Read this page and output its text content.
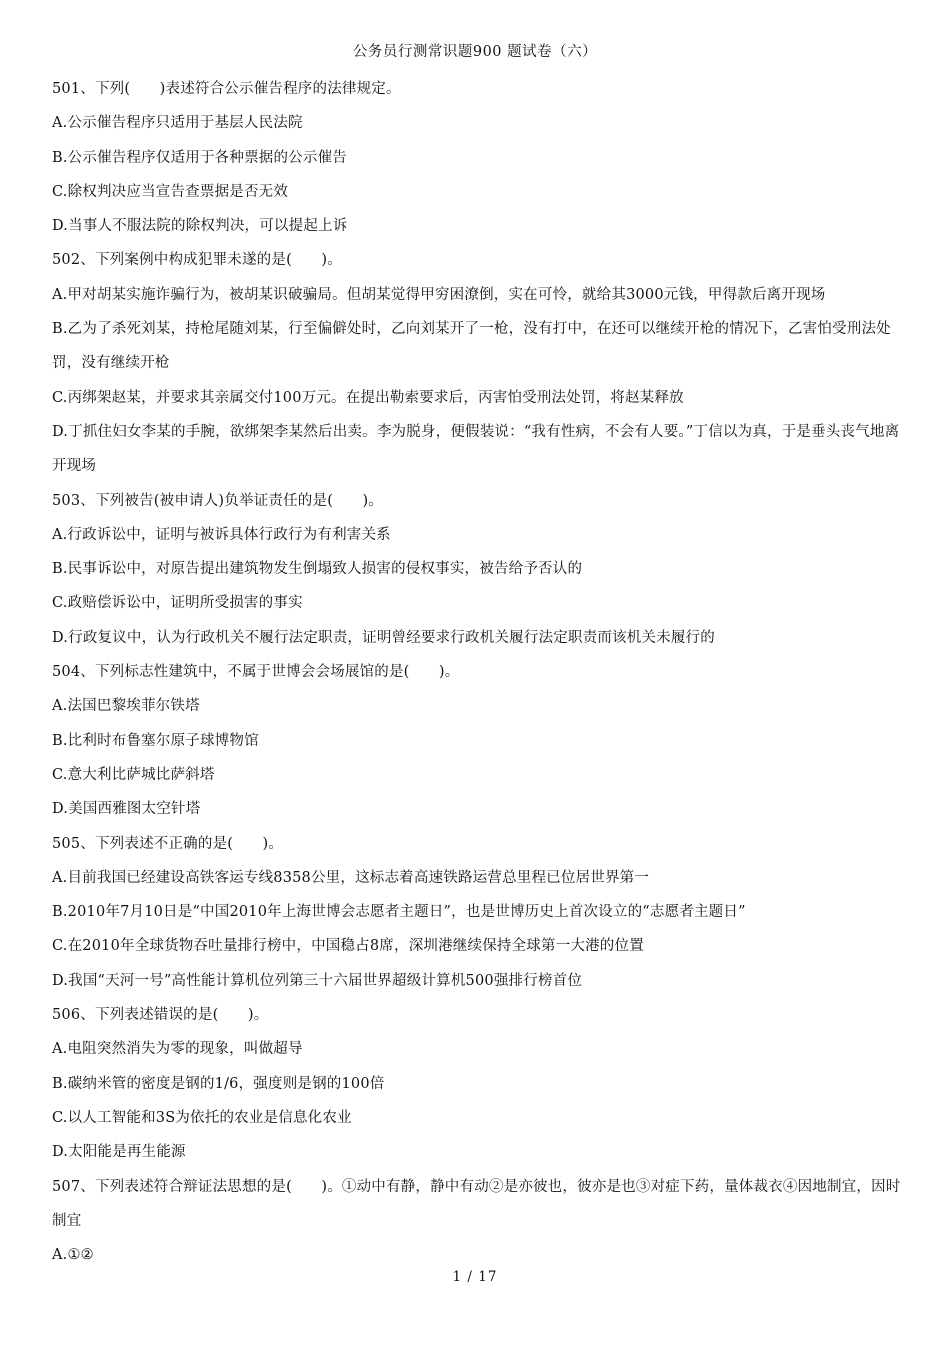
公务员行测常识题900 题试卷（六）
501、下列(　　)表述符合公示催告程序的法律规定。
A.公示催告程序只适用于基层人民法院
B.公示催告程序仅适用于各种票据的公示催告
C.除权判决应当宣告查票据是否无效
D.当事人不服法院的除权判决，可以提起上诉
502、下列案例中构成犯罪未遂的是(　　)。
A.甲对胡某实施诈骗行为，被胡某识破骗局。但胡某觉得甲穷困潦倒，实在可怜，就给其3000元钱，甲得款后离开现场
B.乙为了杀死刘某，持枪尾随刘某，行至偏僻处时，乙向刘某开了一枪，没有打中，在还可以继续开枪的情况下，乙害怕受刑法处罚，没有继续开枪
C.丙绑架赵某，并要求其亲属交付100万元。在提出勒索要求后，丙害怕受刑法处罚，将赵某释放
D.丁抓住妇女李某的手腕，欲绑架李某然后出卖。李为脱身，便假装说：“我有性病，不会有人要。”丁信以为真，于是垂头丧气地离开现场
503、下列被告(被申请人)负举证责任的是(　　)。
A.行政诉讼中，证明与被诉具体行政行为有利害关系
B.民事诉讼中，对原告提出建筑物发生倒塌致人损害的侵权事实，被告给予否认的
C.政赔偿诉讼中，证明所受损害的事实
D.行政复议中，认为行政机关不履行法定职责，证明曾经要求行政机关履行法定职责而该机关未履行的
504、下列标志性建筑中，不属于世博会会场展馆的是(　　)。
A.法国巴黎埃菲尔铁塔
B.比利时布鲁塞尔原子球博物馆
C.意大利比萨城比萨斜塔
D.美国西雅图太空针塔
505、下列表述不正确的是(　　)。
A.目前我国已经建设高铁客运专线8358公里，这标志着高速铁路运营总里程已位居世界第一
B.2010年7月10日是“中国2010年上海世博会志愿者主题日”，也是世博历史上首次设立的“志愿者主题日”
C.在2010年全球货物吞吐量排行榜中，中国稳占8席，深圳港继续保持全球第一大港的位置
D.我国“天河一号”高性能计算机位列第三十六届世界超级计算机500强排行榜首位
506、下列表述错误的是(　　)。
A.电阻突然消失为零的现象，叫做超导
B.碳纳米管的密度是钢的1/6，强度则是钢的100倍
C.以人工智能和3S为依托的农业是信息化农业
D.太阳能是再生能源
507、下列表述符合辩证法思想的是(　　)。①动中有静，静中有动②是亦彼也，彼亦是也③对症下药，量体裁衣④因地制宜，因时制宜
A.①②
1 / 17
